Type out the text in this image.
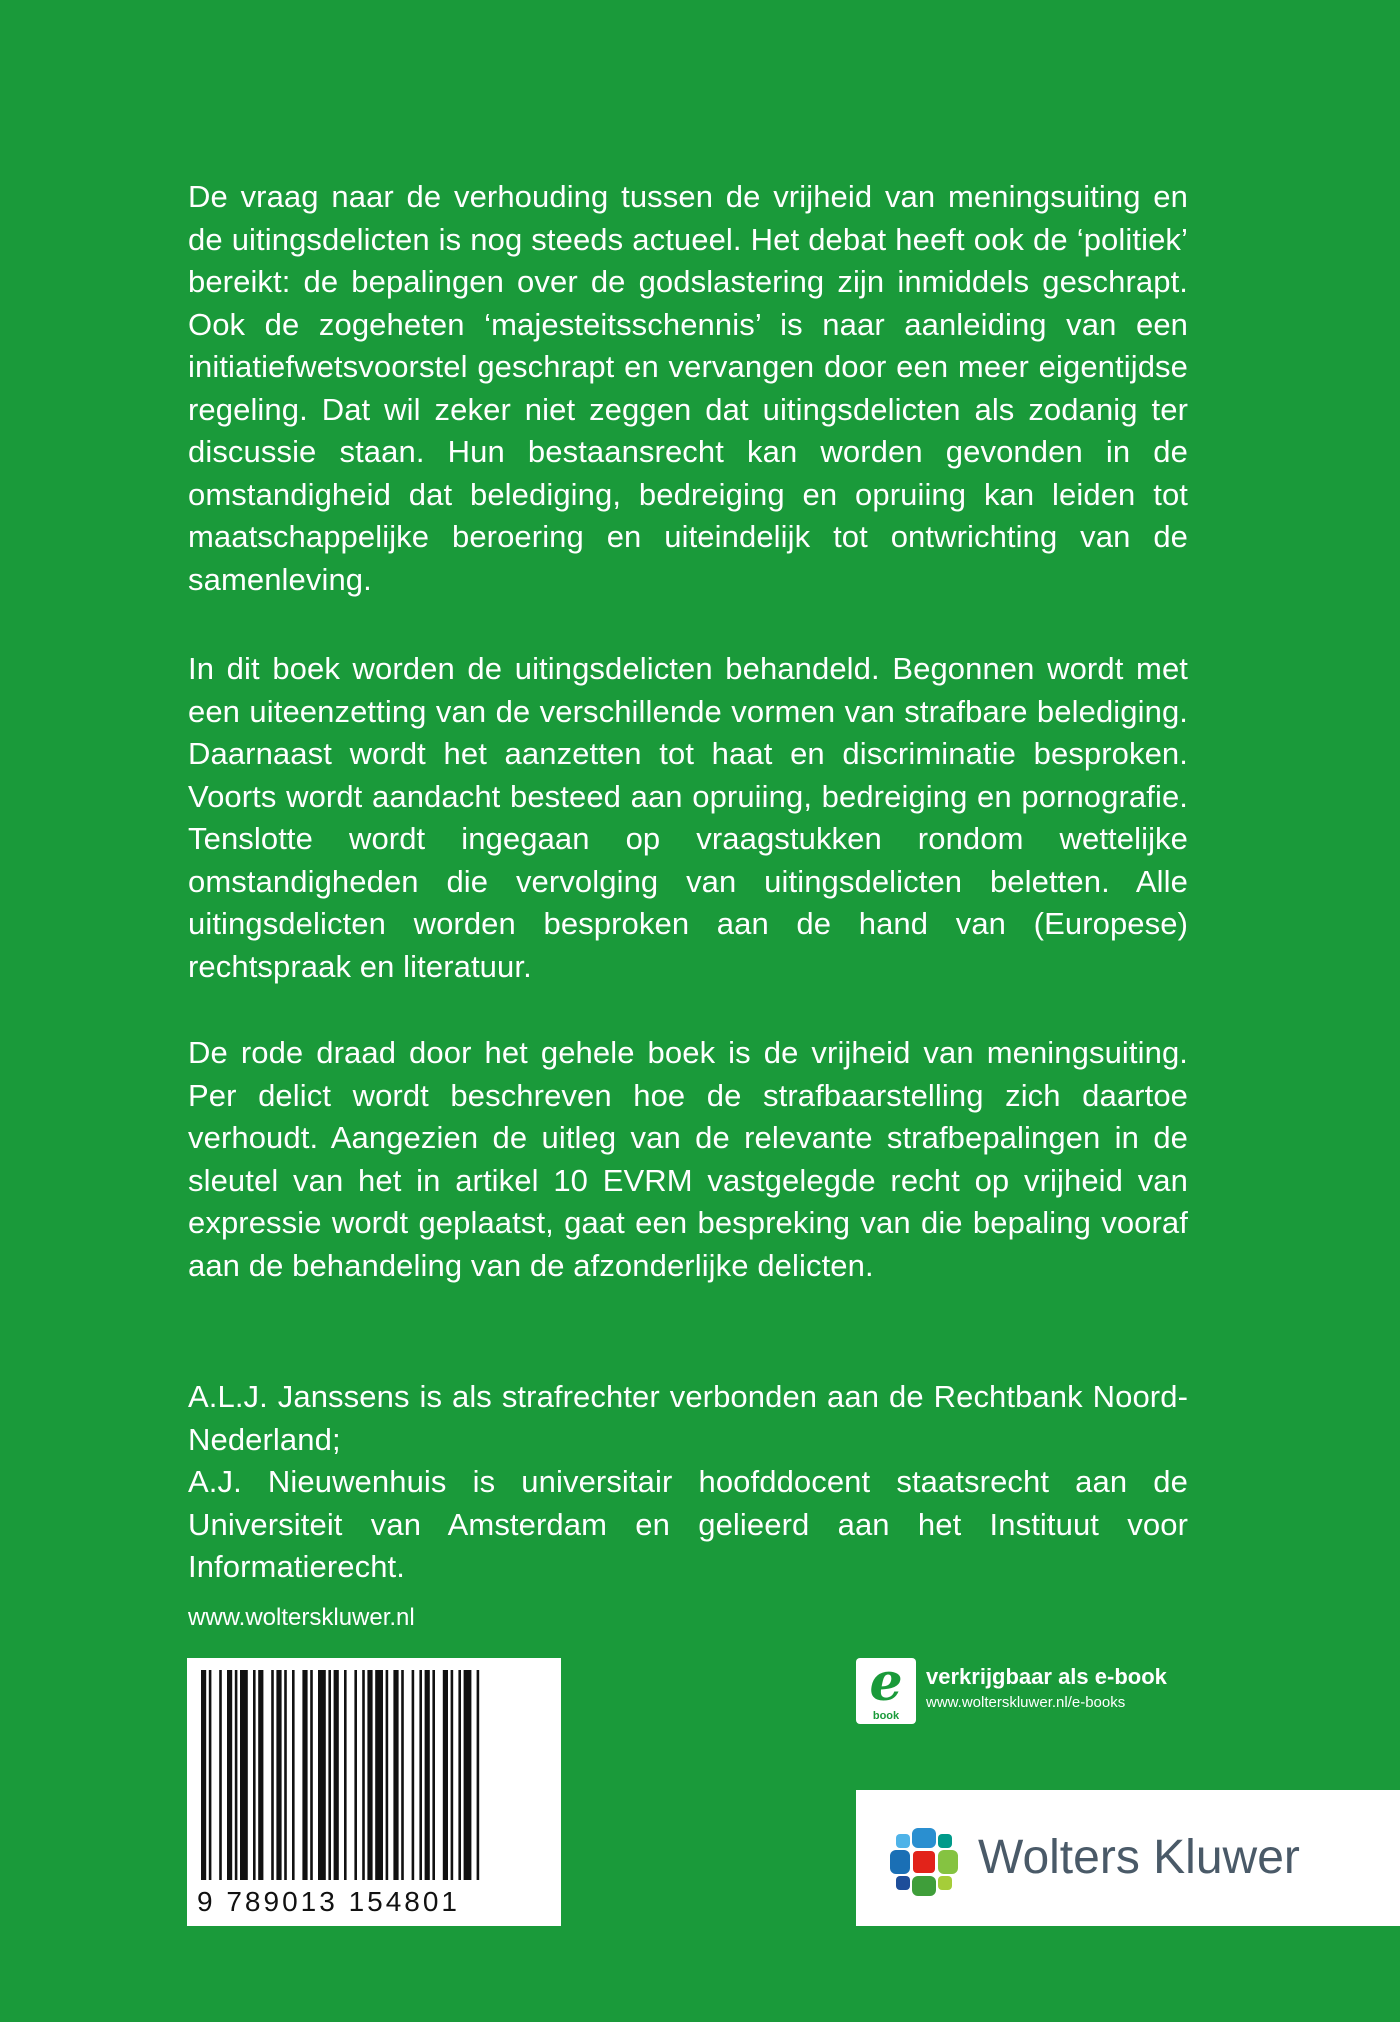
De vraag naar de verhouding tussen de vrijheid van meningsuiting en de uitingsdelicten is nog steeds actueel. Het debat heeft ook de ‘politiek’ bereikt: de bepalingen over de godslastering zijn inmiddels geschrapt. Ook de zogeheten ‘majesteitsschennis’ is naar aanleiding van een initiatiefwetsvoorstel geschrapt en vervangen door een meer eigentijdse regeling. Dat wil zeker niet zeggen dat uitingsdelicten als zodanig ter discussie staan. Hun bestaansrecht kan worden gevonden in de omstandigheid dat belediging, bedreiging en opruiing kan leiden tot maatschappelijke beroering en uiteindelijk tot ontwrichting van de samenleving.

In dit boek worden de uitingsdelicten behandeld. Begonnen wordt met een uiteenzetting van de verschillende vormen van strafbare belediging. Daarnaast wordt het aanzetten tot haat en discriminatie besproken. Voorts wordt aandacht besteed aan opruiing, bedreiging en pornografie. Tenslotte wordt ingegaan op vraagstukken rondom wettelijke omstandigheden die vervolging van uitingsdelicten beletten. Alle uitingsdelicten worden besproken aan de hand van (Europese) rechtspraak en literatuur.

De rode draad door het gehele boek is de vrijheid van meningsuiting. Per delict wordt beschreven hoe de strafbaarstelling zich daartoe verhoudt. Aangezien de uitleg van de relevante strafbepalingen in de sleutel van het in artikel 10 EVRM vastgelegde recht op vrijheid van expressie wordt geplaatst, gaat een bespreking van die bepaling vooraf aan de behandeling van de afzonderlijke delicten.

A.L.J. Janssens is als strafrechter verbonden aan de Rechtbank Noord-Nederland;

A.J. Nieuwenhuis is universitair hoofddocent staatsrecht aan de Universiteit van Amsterdam en gelieerd aan het Instituut voor Informatierecht.

www.wolterskluwer.nl
9 789013 154801
e
book
verkrijgbaar als e-book
www.wolterskluwer.nl/e-books
Wolters Kluwer
